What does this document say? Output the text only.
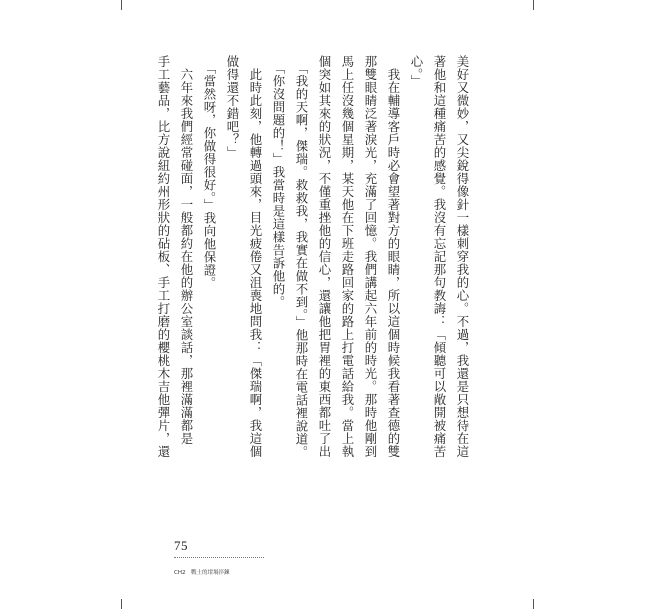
美好又微妙，又尖銳得像針一樣刺穿我的心。不過，我還是只想待在這
著他和這種痛苦的感覺。我沒有忘記那句教誨：「傾聽可以敞開被痛苦
心。」
　我在輔導客戶時必會望著對方的眼睛，所以這個時候我看著查德的雙
那雙眼睛泛著淚光，充滿了回憶。我們講起六年前的時光。那時他剛到
馬上任沒幾個星期，某天他在下班走路回家的路上打電話給我。當上執
個突如其來的狀況，不僅重挫他的信心，還讓他把胃裡的東西都吐了出
　「我的天啊，傑瑞。救救我，我實在做不到。」他那時在電話裡說道。
　「你沒問題的！」我當時是這樣告訴他的。
　此時此刻，他轉過頭來，目光疲倦又沮喪地問我：「傑瑞啊，我這個
做得還不錯吧？」
　「當然呀，你做得很好。」我向他保證。
　六年來我們經常碰面，一般都約在他的辦公室談話，那裡滿滿都是
手工藝品，比方說紐約州形狀的砧板、手工打磨的櫻桃木吉他彈片，還
75
CH2　戰士的坩堝淬鍊
